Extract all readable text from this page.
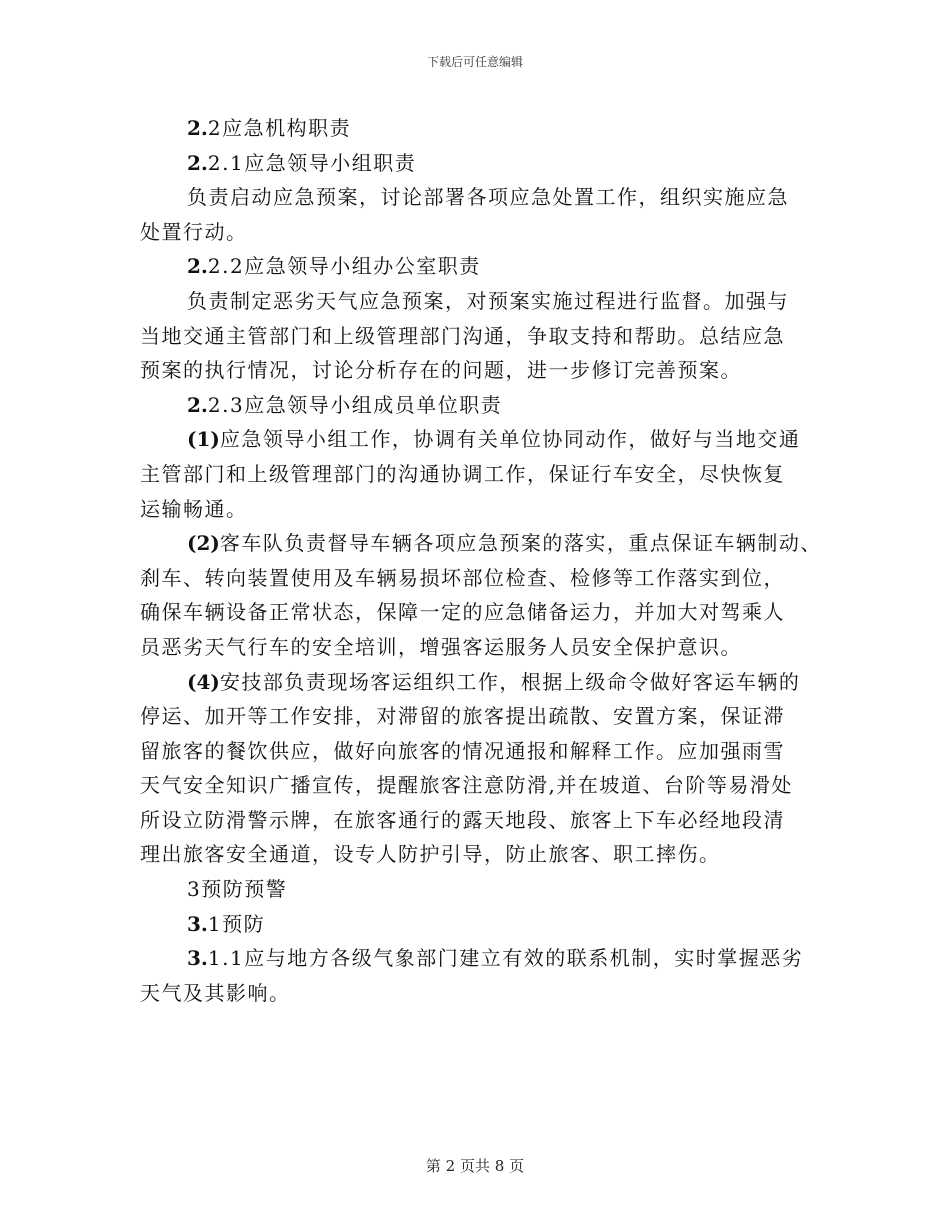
下载后可任意编辑
2.2应急机构职责
2.2.1应急领导小组职责
负责启动应急预案，讨论部署各项应急处置工作，组织实施应急
处置行动。
2.2.2应急领导小组办公室职责
负责制定恶劣天气应急预案，对预案实施过程进行监督。加强与
当地交通主管部门和上级管理部门沟通，争取支持和帮助。总结应急
预案的执行情况，讨论分析存在的问题，进一步修订完善预案。
2.2.3应急领导小组成员单位职责
(1)应急领导小组工作，协调有关单位协同动作，做好与当地交通
主管部门和上级管理部门的沟通协调工作，保证行车安全，尽快恢复
运输畅通。
(2)客车队负责督导车辆各项应急预案的落实，重点保证车辆制动、
刹车、转向装置使用及车辆易损坏部位检查、检修等工作落实到位，
确保车辆设备正常状态，保障一定的应急储备运力，并加大对驾乘人
员恶劣天气行车的安全培训，增强客运服务人员安全保护意识。
(4)安技部负责现场客运组织工作，根据上级命令做好客运车辆的
停运、加开等工作安排，对滞留的旅客提出疏散、安置方案，保证滞
留旅客的餐饮供应，做好向旅客的情况通报和解释工作。应加强雨雪
天气安全知识广播宣传，提醒旅客注意防滑,并在坡道、台阶等易滑处
所设立防滑警示牌，在旅客通行的露天地段、旅客上下车必经地段清
理出旅客安全通道，设专人防护引导，防止旅客、职工摔伤。
3预防预警
3.1预防
3.1.1应与地方各级气象部门建立有效的联系机制，实时掌握恶劣
天气及其影响。
第 2 页共 8 页
